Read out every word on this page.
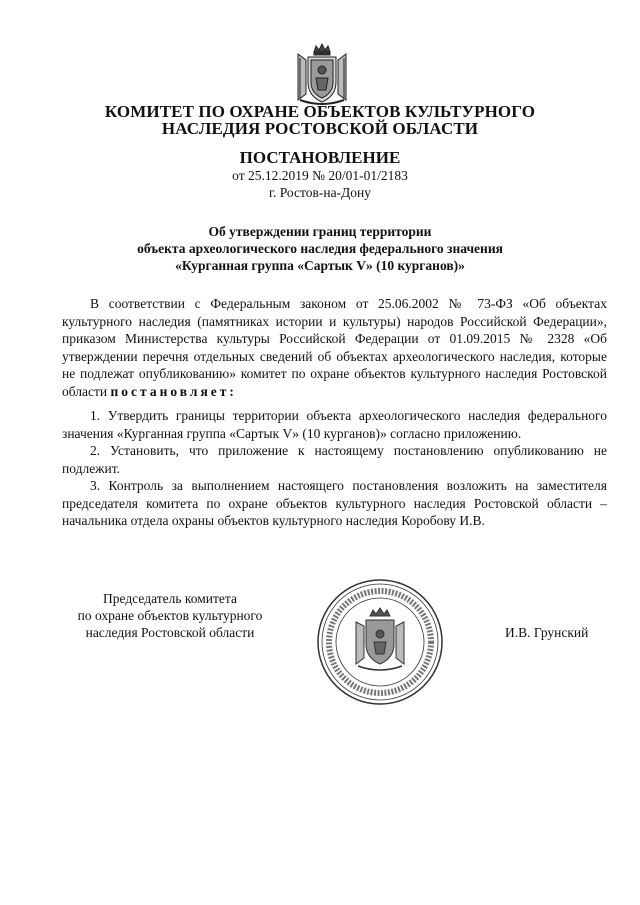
КОМИТЕТ ПО ОХРАНЕ ОБЪЕКТОВ КУЛЬТУРНОГО
НАСЛЕДИЯ РОСТОВСКОЙ ОБЛАСТИ
ПОСТАНОВЛЕНИЕ
от 25.12.2019 № 20/01-01/2183
г. Ростов-на-Дону
Об утверждении границ территории
объекта археологического наследия федерального значения
«Курганная группа «Сартык V» (10 курганов)»

В соответствии с Федеральным законом от 25.06.2002 № 73-ФЗ «Об объектах культурного наследия (памятниках истории и культуры) народов Российской Федерации», приказом Министерства культуры Российской Федерации от 01.09.2015 № 2328 «Об утверждении перечня отдельных сведений об объектах археологического наследия, которые не подлежат опубликованию» комитет по охране объектов культурного наследия Ростовской области постановляет:

1. Утвердить границы территории объекта археологического наследия федерального значения «Курганная группа «Сартык V» (10 курганов)» согласно приложению.

2. Установить, что приложение к настоящему постановлению опубликованию не подлежит.

3. Контроль за выполнением настоящего постановления возложить на заместителя председателя комитета по охране объектов культурного наследия Ростовской области – начальника отдела охраны объектов культурного наследия Коробову И.В.

Председатель комитета
по охране объектов культурного
наследия Ростовской области	И.В. Грунский
